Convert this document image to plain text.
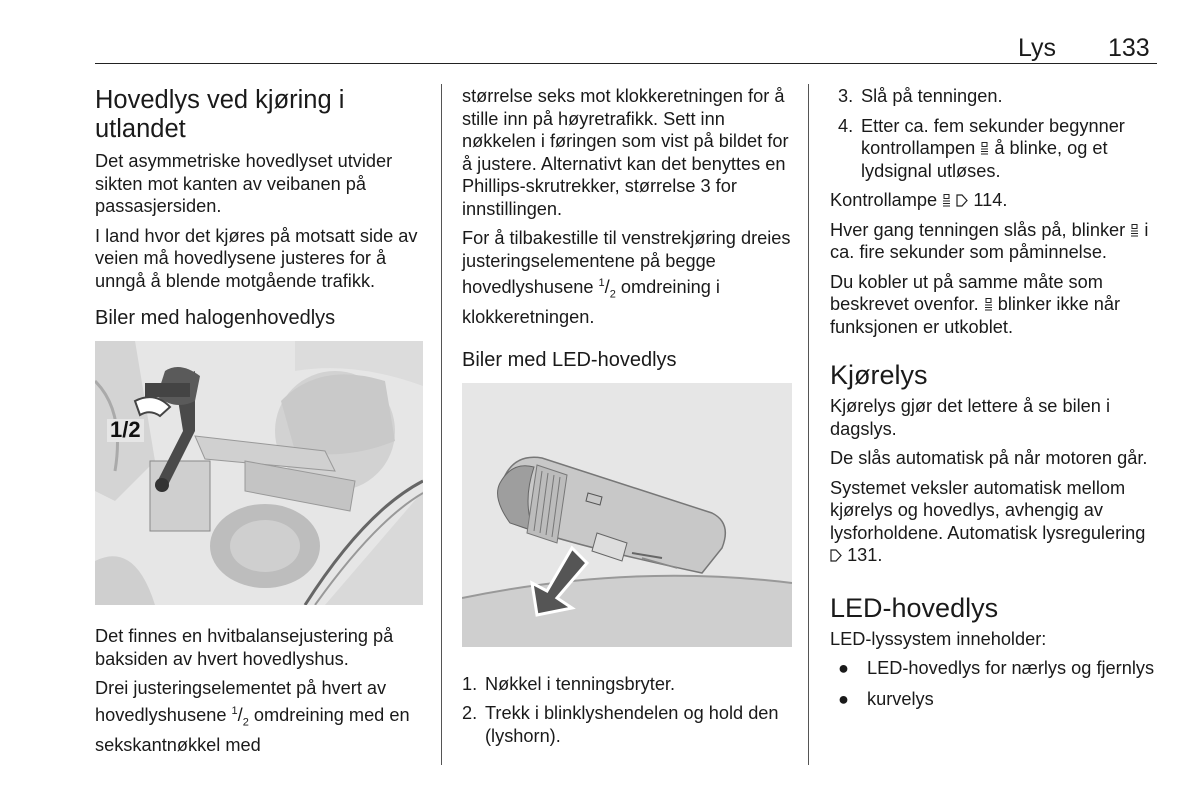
Lys 133
Hovedlys ved kjøring i utlandet

Det asymmetriske hovedlyset utvider sikten mot kanten av veibanen på passasjersiden.

I land hvor det kjøres på motsatt side av veien må hovedlysene justeres for å unngå å blende motgående trafikk.

Biler med halogenhovedlys
1/2

Det finnes en hvitbalansejustering på baksiden av hvert hovedlyshus.

Drei justeringselementet på hvert av hovedlyshusene $^1/_2$ omdreining med en sekskantnøkkel med

størrelse seks mot klokkeretningen for å stille inn på høyretrafikk. Sett inn nøkkelen i føringen som vist på bildet for å justere. Alternativt kan det benyttes en Phillips-skrutrekker, størrelse 3 for innstillingen.

For å tilbakestille til venstrekjøring dreies justeringselementene på begge hovedlyshusene $^1/_2$ omdreining i klokkeretningen.

Biler med LED-hovedlys
1. Nøkkel i tenningsbryter.
2. Trekk i blinklyshendelen og hold den (lyshorn).
3. Slå på tenningen.
4. Etter ca. fem sekunder begynner kontrollampen  å blinke, og et lydsignal utløses.

Kontrollampe   114.

Hver gang tenningen slås på, blinker  i ca. fire sekunder som påminnelse.

Du kobler ut på samme måte som beskrevet ovenfor.  blinker ikke når funksjonen er utkoblet.

Kjørelys

Kjørelys gjør det lettere å se bilen i dagslys.

De slås automatisk på når motoren går.

Systemet veksler automatisk mellom kjørelys og hovedlys, avhengig av lysforholdene. Automatisk lysregulering  131.

LED-hovedlys

LED-lyssystem inneholder:

● LED-hovedlys for nærlys og fjernlys
● kurvelys
